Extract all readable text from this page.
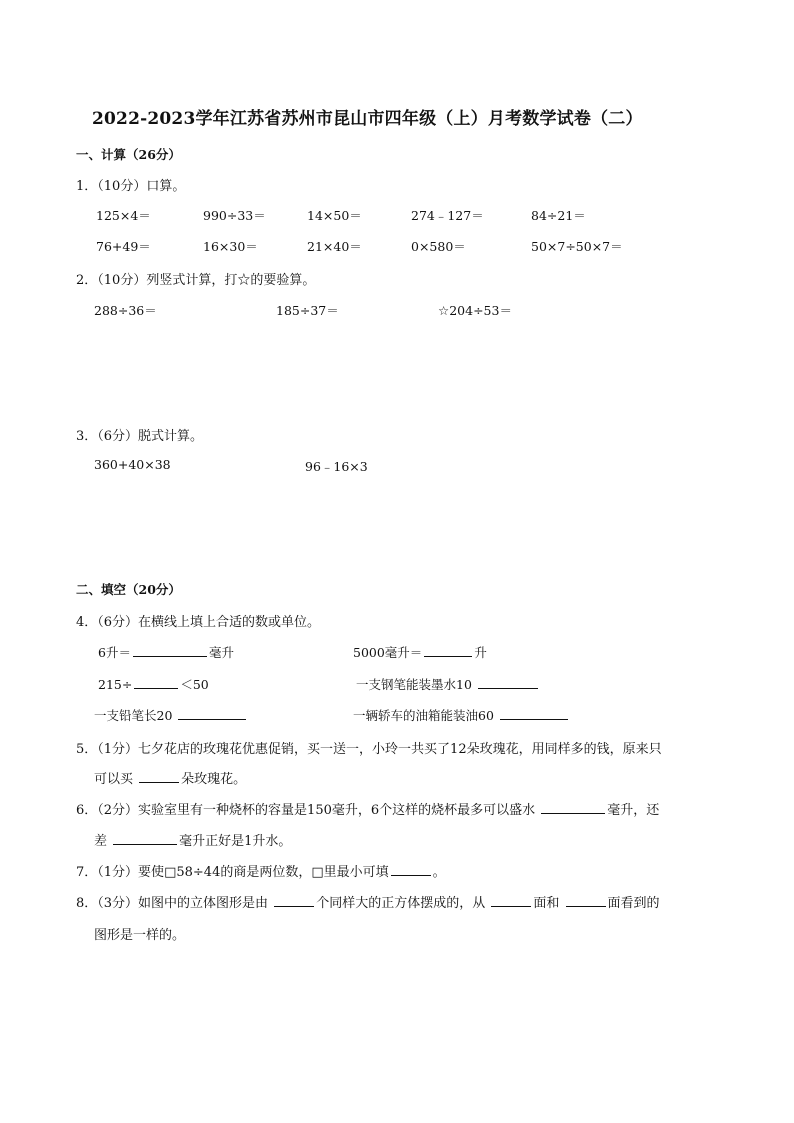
2022-2023学年江苏省苏州市昆山市四年级（上）月考数学试卷（二）
一、计算（26分）
1．（10分）口算。
125×4＝	990÷33＝	14×50＝	274﹣127＝	84÷21＝
76+49＝	16×30＝	21×40＝	0×580＝	50×7÷50×7＝
2．（10分）列竖式计算，打☆的要验算。
288÷36＝	185÷37＝	☆204÷53＝
3．（6分）脱式计算。
360+40×38	96﹣16×3
二、填空（20分）
4．（6分）在横线上填上合适的数或单位。
6升＝	毫升	5000毫升＝	升
215÷	＜50	一支钢笔能装墨水10
一支铅笔长20	一辆轿车的油箱能装油60
5．（1分）七夕花店的玫瑰花优惠促销，买一送一，小玲一共买了12朵玫瑰花，用同样多的钱，原来只
可以买	朵玫瑰花。
6．（2分）实验室里有一种烧杯的容量是150毫升，6个这样的烧杯最多可以盛水	毫升，还
差	毫升正好是1升水。
7．（1分）要使□58÷44的商是两位数，□里最小可填	。
8．（3分）如图中的立体图形是由	个同样大的正方体摆成的，从	面和	面看到的
图形是一样的。
